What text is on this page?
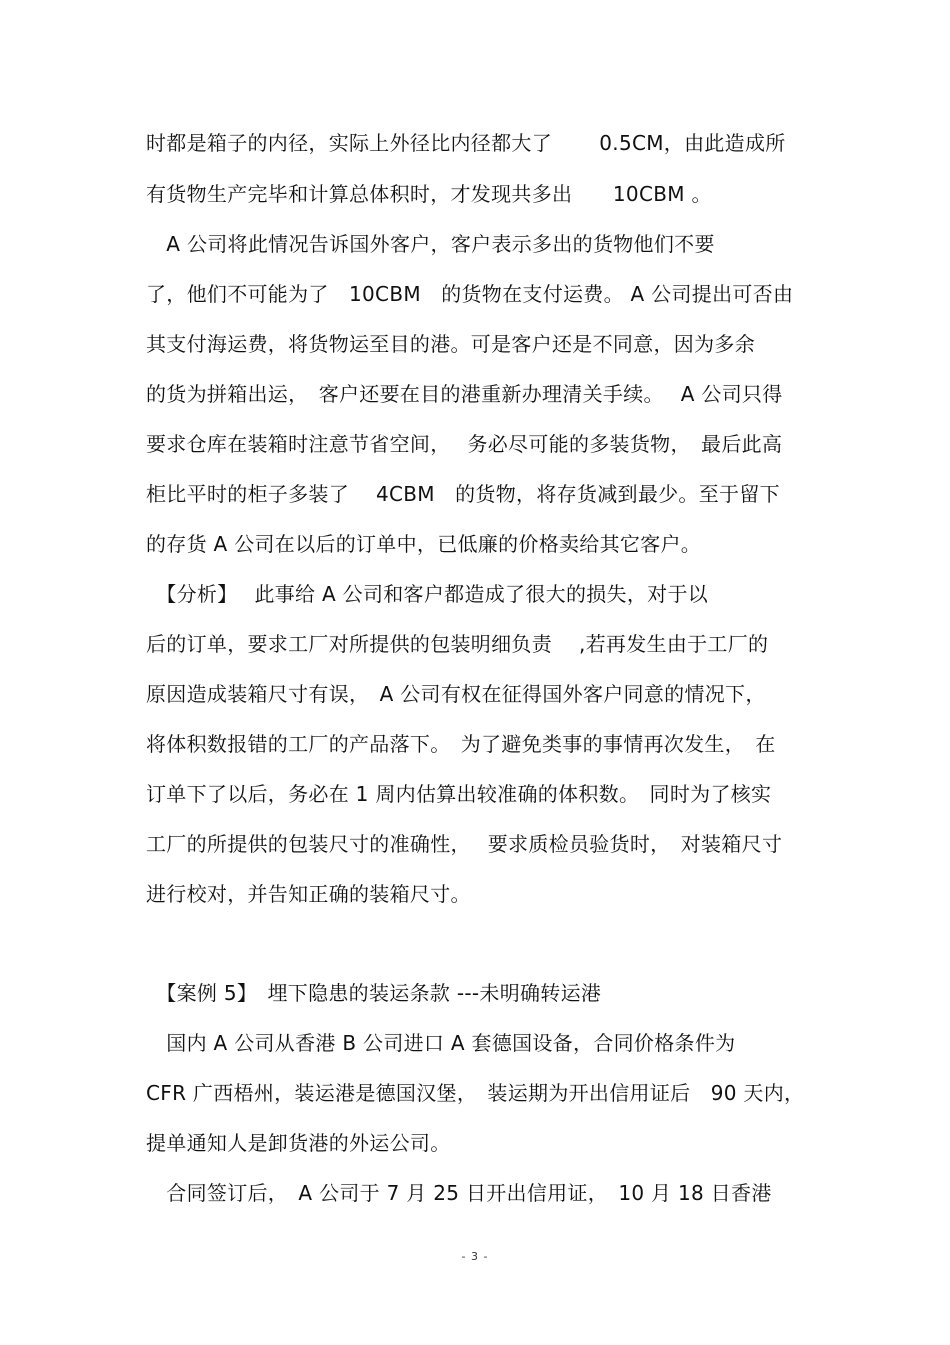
时都是箱子的内径，实际上外径比内径都大了　　 0.5CM，由此造成所
有货物生产完毕和计算总体积时，才发现共多出　　10CBM 。
　A 公司将此情况告诉国外客户，客户表示多出的货物他们不要
了，他们不可能为了　10CBM　的货物在支付运费。 A 公司提出可否由
其支付海运费，将货物运至目的港。可是客户还是不同意，因为多余
的货为拼箱出运，　客户还要在目的港重新办理清关手续。　 A 公司只得
要求仓库在装箱时注意节省空间，　 务必尽可能的多装货物，　最后此高
柜比平时的柜子多装了　 4CBM　的货物，将存货减到最少。至于留下
的存货 A 公司在以后的订单中，已低廉的价格卖给其它客户。
　【分析】　 此事给 A 公司和客户都造成了很大的损失，对于以
后的订单，要求工厂对所提供的包装明细负责　 ,若再发生由于工厂的
原因造成装箱尺寸有误，　A 公司有权在征得国外客户同意的情况下，
将体积数报错的工厂的产品落下。　为了避免类事的事情再次发生，　在
订单下了以后，务必在 1 周内估算出较准确的体积数。　同时为了核实
工厂的所提供的包装尺寸的准确性，　 要求质检员验货时，　对装箱尺寸
进行校对，并告知正确的装箱尺寸。
　【案例 5】　埋下隐患的装运条款 ---未明确转运港
　国内 A 公司从香港 B 公司进口 A 套德国设备，合同价格条件为
CFR 广西梧州，装运港是德国汉堡，　装运期为开出信用证后　90 天内，
提单通知人是卸货港的外运公司。
　合同签订后，　A 公司于 7 月 25 日开出信用证，　10 月 18 日香港
- 3 -
